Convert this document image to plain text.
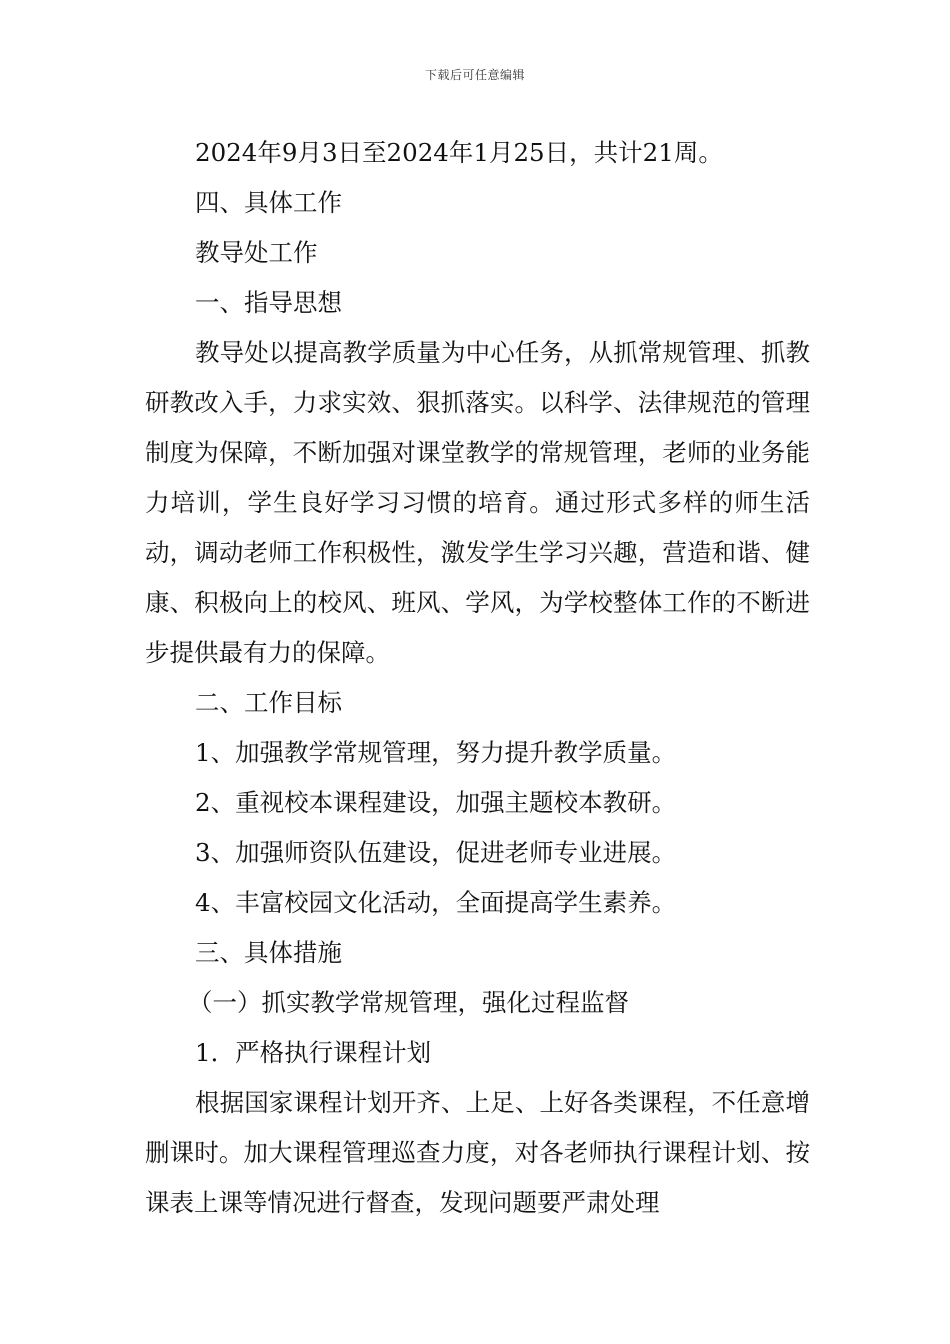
下载后可任意编辑

2024年9月3日至2024年1月25日，共计21周。

四、具体工作

教导处工作

一、指导思想

教导处以提高教学质量为中心任务，从抓常规管理、抓教研教改入手，力求实效、狠抓落实。以科学、法律规范的管理制度为保障，不断加强对课堂教学的常规管理，老师的业务能力培训，学生良好学习习惯的培育。通过形式多样的师生活动，调动老师工作积极性，激发学生学习兴趣，营造和谐、健康、积极向上的校风、班风、学风，为学校整体工作的不断进步提供最有力的保障。

二、工作目标

1、加强教学常规管理，努力提升教学质量。

2、重视校本课程建设，加强主题校本教研。

3、加强师资队伍建设，促进老师专业进展。

4、丰富校园文化活动，全面提高学生素养。

三、具体措施

（一）抓实教学常规管理，强化过程监督

1．严格执行课程计划

根据国家课程计划开齐、上足、上好各类课程，不任意增删课时。加大课程管理巡查力度，对各老师执行课程计划、按课表上课等情况进行督查，发现问题要严肃处理
